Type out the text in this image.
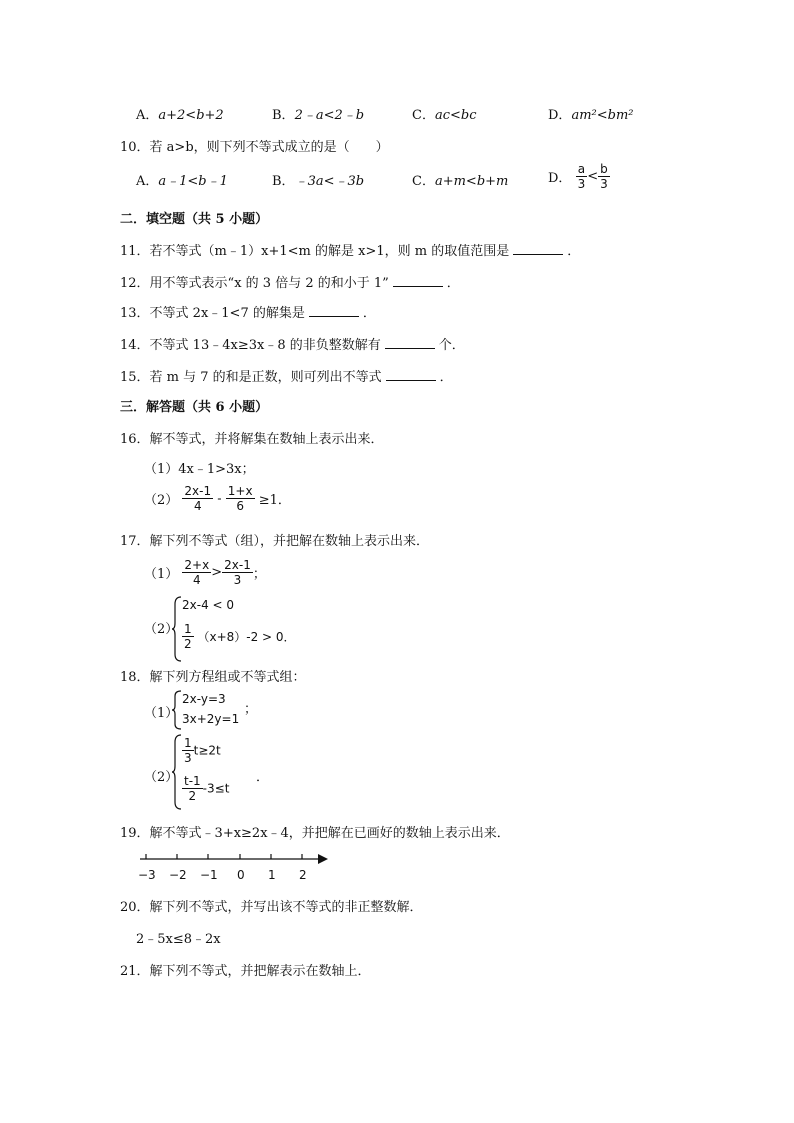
A．a+2<b+2	B．2﹣a<2﹣b	C．ac<bc	D．am²<bm²
10．若 a>b，则下列不等式成立的是（　　）
A．a﹣1<b﹣1	B．﹣3a<﹣3b	C．a+m<b+m	D． $\frac{a}{3} < \frac{b}{3}$
二．填空题（共 5 小题）
11．若不等式（m﹣1）x+1<m 的解是 x>1，则 m 的取值范围是	．
12．用不等式表示“x 的 3 倍与 2 的和小于 1”	．
13．不等式 2x﹣1<7 的解集是	．
14．不等式 13﹣4x≥3x﹣8 的非负整数解有	个．
15．若 m 与 7 的和是正数，则可列出不等式	．
三．解答题（共 6 小题）
16．解不等式，并将解集在数轴上表示出来．
（1）4x﹣1>3x；
$(2) \frac{2x-1}{4} - \frac{1+x}{6} \ge 1$．
17．解下列不等式（组），并把解在数轴上表示出来．
$(1) \frac{2+x}{4} > \frac{2x-1}{3}$ ；
（2）
2x-4 < 0
$\frac{1}{2} (x+8)-2 > 0$．
18．解下列方程组或不等式组：
（1）
2x-y=3
3x+2y=1
；
（2）
$\frac{1}{3} t\ge 2t$
$\frac{t-1}{2} -3\le t$
．
19．解不等式﹣3+x≥2x﹣4，并把解在已画好的数轴上表示出来．
−3 −2 −1 0 1 2
20．解下列不等式，并写出该不等式的非正整数解．
2﹣5x≤8﹣2x
21．解下列不等式，并把解表示在数轴上．
